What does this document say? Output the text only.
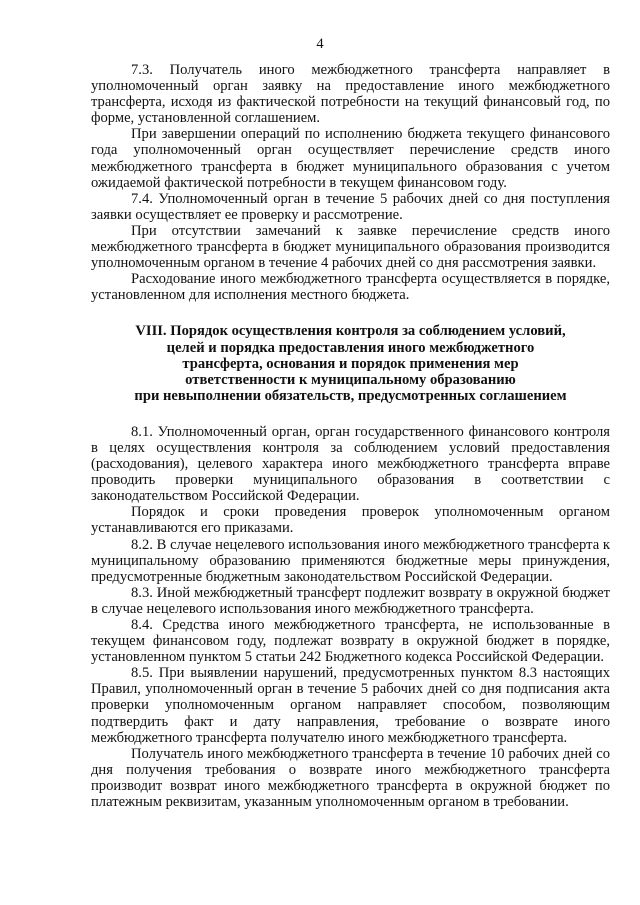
4

7.3. Получатель иного межбюджетного трансферта направляет в уполномоченный орган заявку на предоставление иного межбюджетного трансферта, исходя из фактической потребности на текущий финансовый год, по форме, установленной соглашением.

При завершении операций по исполнению бюджета текущего финансового года уполномоченный орган осуществляет перечисление средств иного межбюджетного трансферта в бюджет муниципального образования с учетом ожидаемой фактической потребности в текущем финансовом году.

7.4. Уполномоченный орган в течение 5 рабочих дней со дня поступления заявки осуществляет ее проверку и рассмотрение.

При отсутствии замечаний к заявке перечисление средств иного межбюджетного трансферта в бюджет муниципального образования производится уполномоченным органом в течение 4 рабочих дней со дня рассмотрения заявки.

Расходование иного межбюджетного трансферта осуществляется в порядке, установленном для исполнения местного бюджета.

VIII. Порядок осуществления контроля за соблюдением условий,
целей и порядка предоставления иного межбюджетного
трансферта, основания и порядок применения мер
ответственности к муниципальному образованию
при невыполнении обязательств, предусмотренных соглашением

8.1. Уполномоченный орган, орган государственного финансового контроля в целях осуществления контроля за соблюдением условий предоставления (расходования), целевого характера иного межбюджетного трансферта вправе проводить проверки муниципального образования в соответствии с законодательством Российской Федерации.

Порядок и сроки проведения проверок уполномоченным органом устанавливаются его приказами.

8.2. В случае нецелевого использования иного межбюджетного трансферта к муниципальному образованию применяются бюджетные меры принуждения, предусмотренные бюджетным законодательством Российской Федерации.

8.3. Иной межбюджетный трансферт подлежит возврату в окружной бюджет в случае нецелевого использования иного межбюджетного трансферта.

8.4. Средства иного межбюджетного трансферта, не использованные в текущем финансовом году, подлежат возврату в окружной бюджет в порядке, установленном пунктом 5 статьи 242 Бюджетного кодекса Российской Федерации.

8.5. При выявлении нарушений, предусмотренных пунктом 8.3 настоящих Правил, уполномоченный орган в течение 5 рабочих дней со дня подписания акта проверки уполномоченным органом направляет способом, позволяющим подтвердить факт и дату направления, требование о возврате иного межбюджетного трансферта получателю иного межбюджетного трансферта.

Получатель иного межбюджетного трансферта в течение 10 рабочих дней со дня получения требования о возврате иного межбюджетного трансферта производит возврат иного межбюджетного трансферта в окружной бюджет по платежным реквизитам, указанным уполномоченным органом в требовании.
